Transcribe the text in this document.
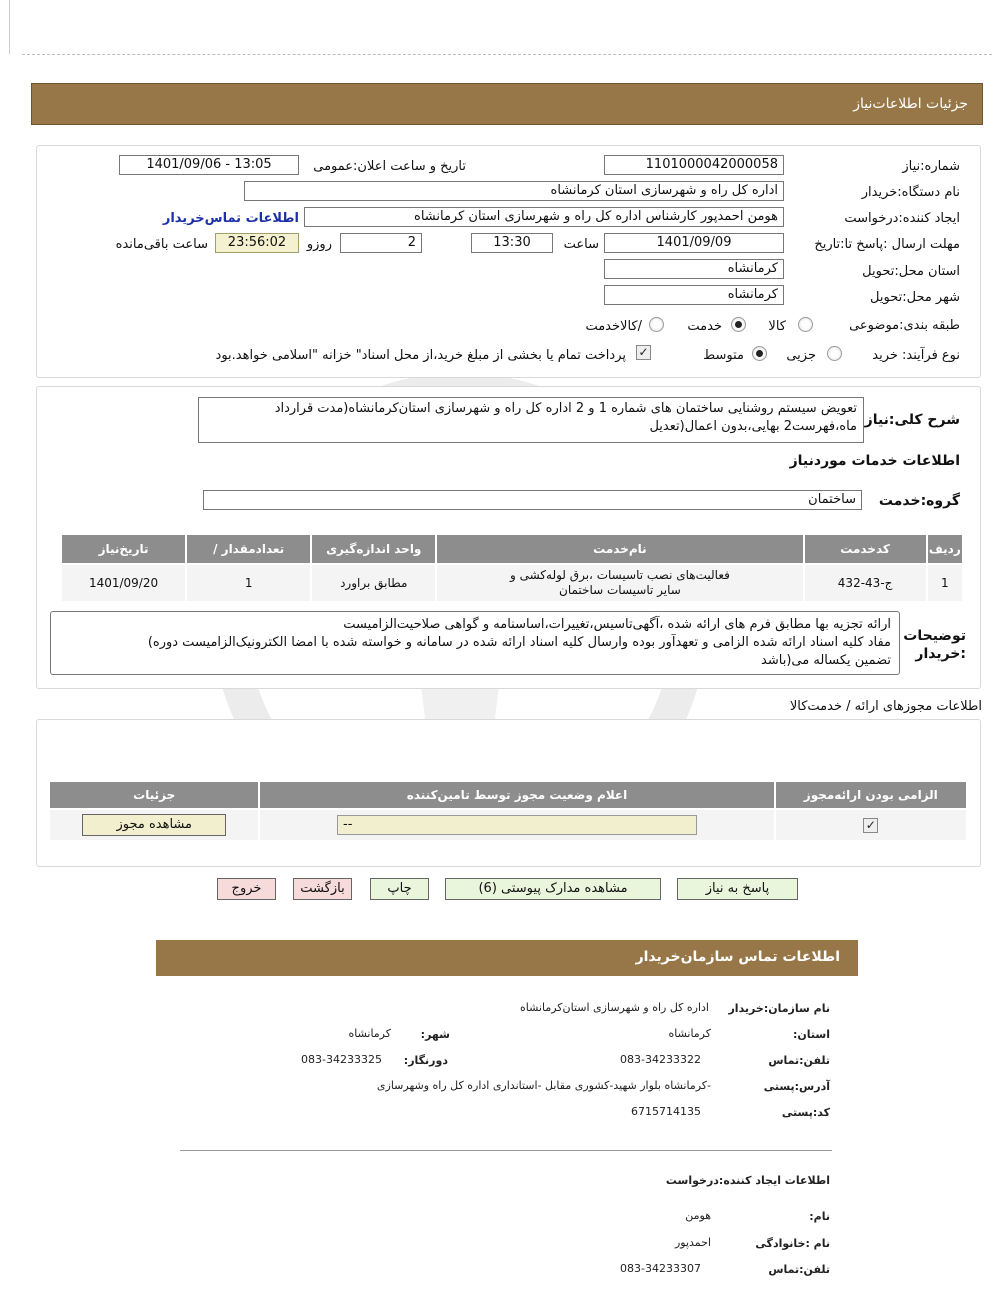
جزئیات اطلاعات‌نیاز
شماره:نیاز
1101000042000058
تاریخ و ساعت اعلان:عمومی
1401/09/06 - 13:05
نام دستگاه:خریدار
اداره کل راه و شهرسازی استان کرمانشاه
ایجاد کننده:درخواست
هومن احمدپور کارشناس اداره کل راه و شهرسازی استان کرمانشاه
اطلاعات تماس‌خریدار
مهلت ارسال :پاسخ تا:تاریخ
1401/09/09
ساعت
13:30
2
روزو
23:56:02
ساعت باقی‌مانده
استان محل:تحویل
کرمانشاه
شهر محل:تحویل
کرمانشاه
طبقه بندی:موضوعی
کالا
خدمت
/کالاخدمت
نوع فرآیند: خرید
جزیی
متوسط
✓
پرداخت تمام یا بخشی از مبلغ خرید،از محل اسناد" خزانه "اسلامی خواهد.بود
شرح کلی:نیاز
تعویض سیستم روشنایی ساختمان های شماره 1 و 2 اداره کل راه و شهرسازی استان‌کرمانشاه(مدت قرارداد
ماه،فهرست2 بهایی،بدون اعمال(تعدیل
اطلاعات خدمات موردنیاز
گروه:خدمت
ساختمان
تاریخ‌نیاز	/ تعدادمقدار	واحد اندازه‌گیری	نام‌خدمت	کدخدمت	ردیف
1401/09/20	1	مطابق براورد	فعالیت‌های نصب تاسیسات ،برق لوله‌کشی و
سایر تاسیسات ساختمان	ج-43-432	1
توضیحات
:خریدار
ارائه تجزیه بها مطابق فرم های ارائه شده ،آگهی‌تاسیس،تغییرات،اساسنامه و گواهی صلاحیت‌الزامیست
مفاد کلیه اسناد ارائه شده الزامی و تعهدآور بوده وارسال کلیه اسناد ارائه شده در سامانه و خواسته شده با امضا الکترونیک‌الزامیست دوره)
تضمین یکساله می(باشد
اطلاعات مجوزهای ارائه / خدمت‌کالا
جزئیات	اعلام وضعیت مجوز توسط تامین‌کننده	الزامی بودن ارائه‌مجوز

مشاهده مجوز	--	✓
پاسخ به نیاز
مشاهده مدارک پیوستی (6)
چاپ
بازگشت
خروج
اطلاعات تماس سازمان‌خریدار
نام سازمان:خریدار
اداره کل راه و شهرسازی استان‌کرمانشاه
:استان
کرمانشاه
:شهر
کرمانشاه
تلفن:تماس
083-34233322
:دورنگار
083-34233325
آدرس:پستی
-کرمانشاه بلوار شهید-کشوری مقابل -استانداری اداره کل راه وشهرسازی
کد:پستی
6715714135
اطلاعات ایجاد کننده:درخواست
:نام
هومن
نام :خانوادگی
احمدپور
تلفن:تماس
083-34233307
